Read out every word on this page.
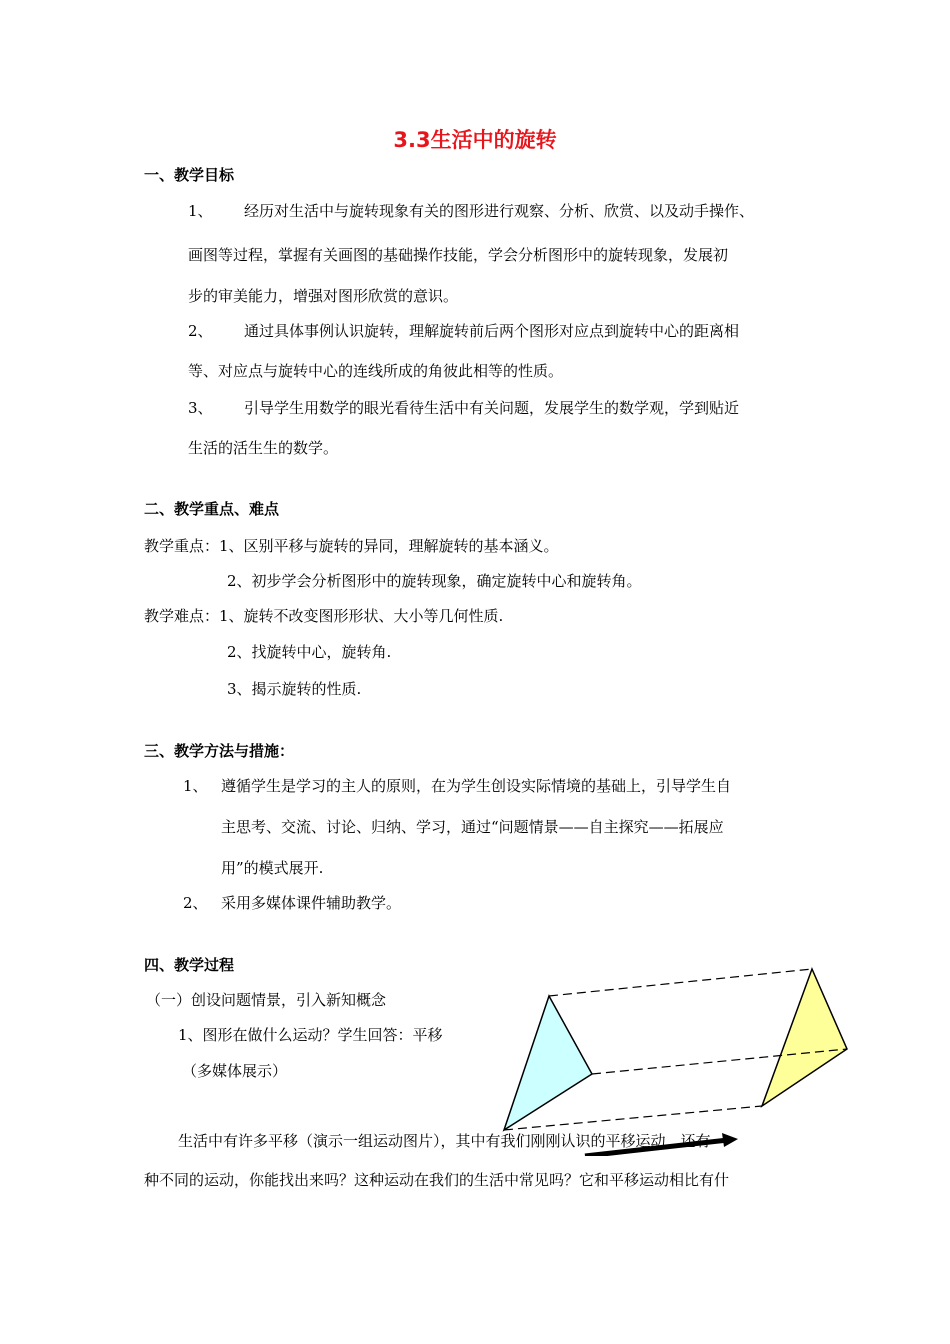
3.3生活中的旋转
一、教学目标
1、 经历对生活中与旋转现象有关的图形进行观察、分析、欣赏、以及动手操作、
画图等过程，掌握有关画图的基础操作技能，学会分析图形中的旋转现象，发展初
步的审美能力，增强对图形欣赏的意识。
2、 通过具体事例认识旋转，理解旋转前后两个图形对应点到旋转中心的距离相
等、对应点与旋转中心的连线所成的角彼此相等的性质。
3、 引导学生用数学的眼光看待生活中有关问题，发展学生的数学观，学到贴近
生活的活生生的数学。
二、教学重点、难点
教学重点：1、区别平移与旋转的异同，理解旋转的基本涵义。
2、初步学会分析图形中的旋转现象，确定旋转中心和旋转角。
教学难点：1、旋转不改变图形形状、大小等几何性质.
2、找旋转中心，旋转角.
3、揭示旋转的性质.
三、教学方法与措施：
1、 遵循学生是学习的主人的原则，在为学生创设实际情境的基础上，引导学生自
主思考、交流、讨论、归纳、学习，通过“问题情景——自主探究——拓展应
用”的模式展开.
2、 采用多媒体课件辅助教学。
四、教学过程
（一）创设问题情景，引入新知概念
1、图形在做什么运动？学生回答：平移
（多媒体展示）
生活中有许多平移（演示一组运动图片），其中有我们刚刚认识的平移运动，还有一
种不同的运动，你能找出来吗？这种运动在我们的生活中常见吗？它和平移运动相比有什
